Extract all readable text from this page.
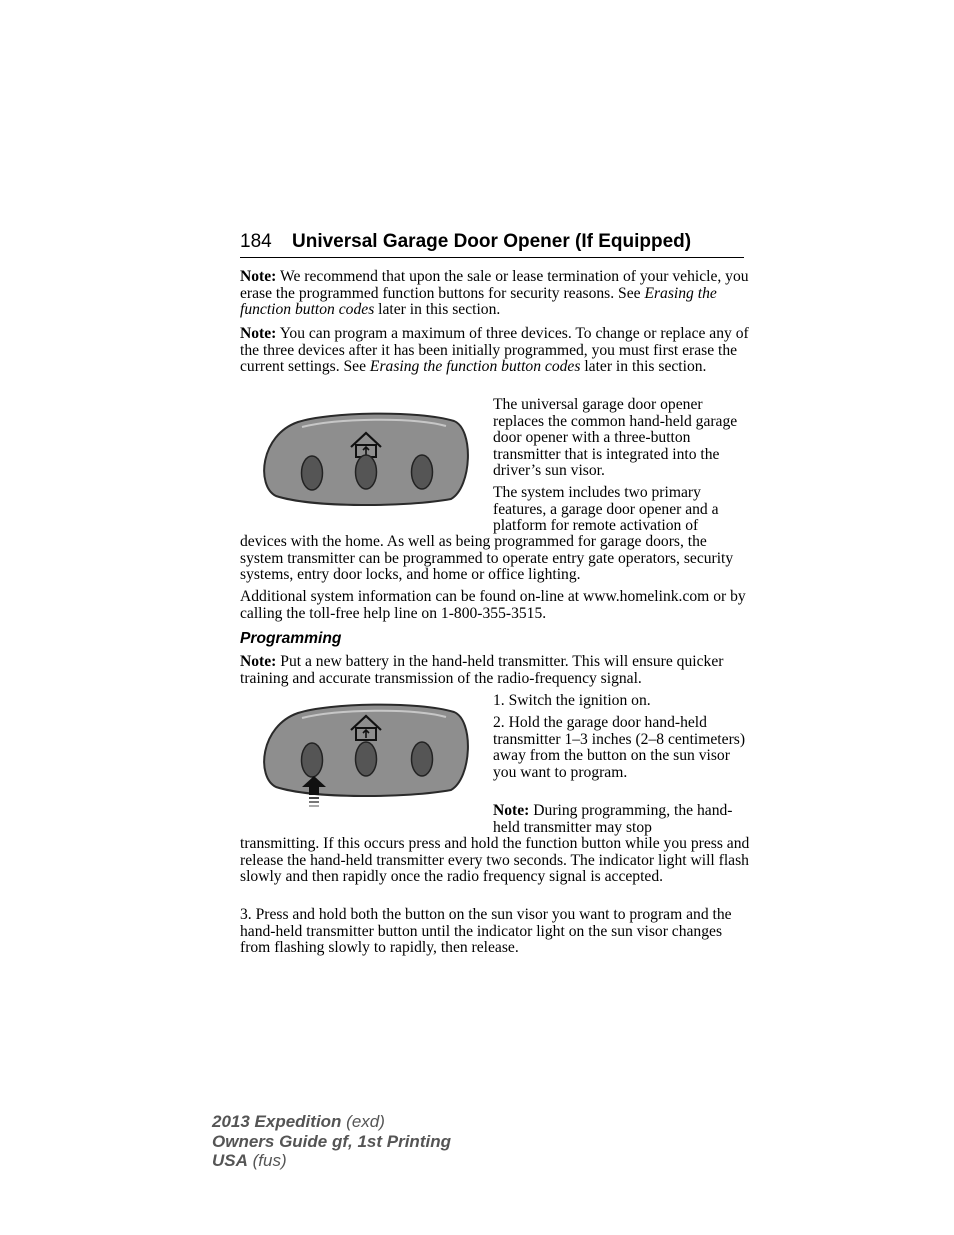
184 Universal Garage Door Opener (If Equipped)
Note: We recommend that upon the sale or lease termination of your vehicle, you erase the programmed function buttons for security reasons. See Erasing the function button codes later in this section.
Note: You can program a maximum of three devices. To change or replace any of the three devices after it has been initially programmed, you must first erase the current settings. See Erasing the function button codes later in this section.
The universal garage door opener replaces the common hand-held garage door opener with a three-button transmitter that is integrated into the driver’s sun visor.
The system includes two primary features, a garage door opener and a platform for remote activation of
devices with the home. As well as being programmed for garage doors, the system transmitter can be programmed to operate entry gate operators, security systems, entry door locks, and home or office lighting.
Additional system information can be found on-line at www.homelink.com or by calling the toll-free help line on 1-800-355-3515.
Programming
Note: Put a new battery in the hand-held transmitter. This will ensure quicker training and accurate transmission of the radio-frequency signal.
1. Switch the ignition on.
2. Hold the garage door hand-held transmitter 1–3 inches (2–8 centimeters) away from the button on the sun visor you want to program.
Note: During programming, the hand-held transmitter may stop
transmitting. If this occurs press and hold the function button while you press and release the hand-held transmitter every two seconds. The indicator light will flash slowly and then rapidly once the radio frequency signal is accepted.
3. Press and hold both the button on the sun visor you want to program and the hand-held transmitter button until the indicator light on the sun visor changes from flashing slowly to rapidly, then release.
2013 Expedition (exd)
Owners Guide gf, 1st Printing
USA (fus)
